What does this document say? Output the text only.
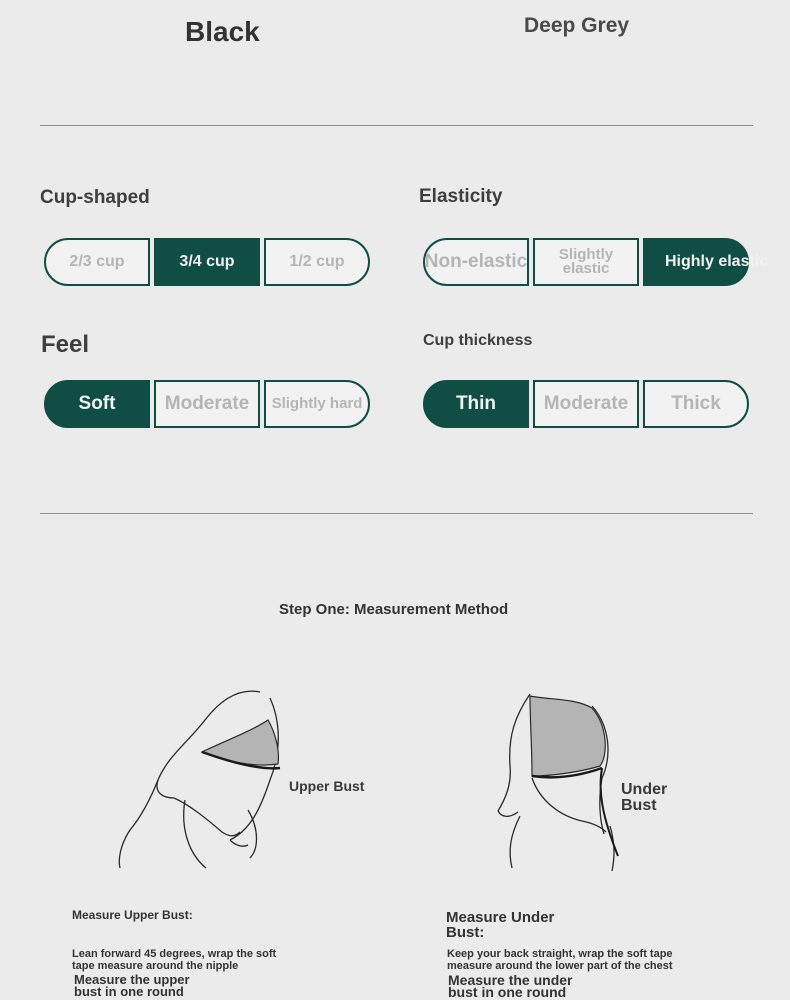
Black	Deep Grey
Cup-shaped
2/3 cup	3/4 cup	1/2 cup
Elasticity
Non-elastic	Slightly elastic	Highly elastic
Feel
Soft	Moderate	Slightly hard
Cup thickness
Thin	Moderate	Thick
Step One: Measurement Method
Upper Bust	Under
Bust
Measure Upper Bust:
Lean forward 45 degrees, wrap the soft
tape measure around the nipple
Measure the upper
bust in one round
Measure Under
Bust:
Keep your back straight, wrap the soft tape
measure around the lower part of the chest
Measure the under
bust in one round
